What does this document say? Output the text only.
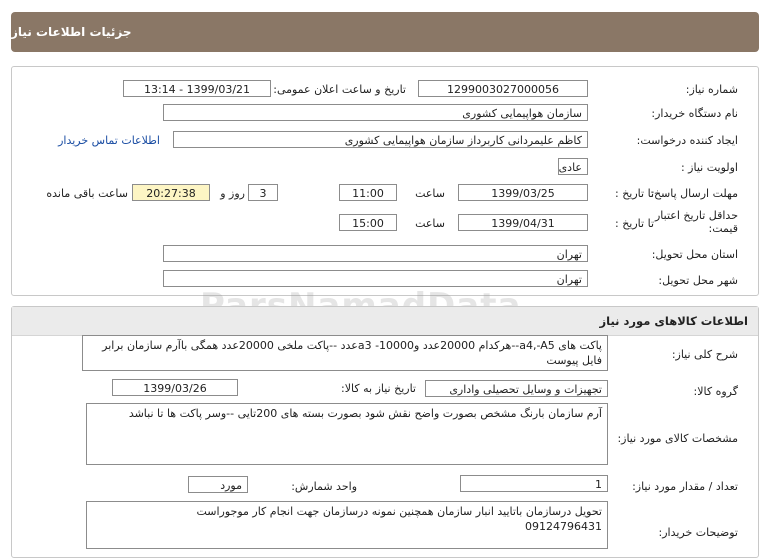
جزئیات اطلاعات نیاز
شماره نیاز:
1299003027000056
تاریخ و ساعت اعلان عمومی:
1399/03/21 - 13:14
نام دستگاه خریدار:
سازمان هواپیمایی کشوری
ایجاد کننده درخواست:
کاظم علیمردانی کاربرداز سازمان هواپیمایی کشوری
اطلاعات تماس خریدار
اولویت نیاز :
عادی
مهلت ارسال پاسخ:
تا تاریخ :
1399/03/25
ساعت
11:00
3
روز و
20:27:38
ساعت باقی مانده
حداقل تاریخ اعتبار
قیمت:
تا تاریخ :
1399/04/31
ساعت
15:00
استان محل تحویل:
تهران
شهر محل تحویل:
تهران
اطلاعات کالاهای مورد نیاز
شرح کلی نیاز:
پاکت های a4,-A5--هرکدام 20000عدد و10000- a3عدد --پاکت ملخی 20000عدد همگی باآرم سازمان برابر فایل پیوست
گروه کالا:
تجهیزات و وسایل تحصیلی واداری
تاریخ نیاز به کالا:
1399/03/26
مشخصات کالای مورد نیاز:
آرم سازمان بارنگ مشخص بصورت واضح نقش شود بصورت بسته های 200تایی --وسر پاکت ها تا نباشد
تعداد / مقدار مورد نیاز:
1
واحد شمارش:
مورد
توضیحات خریدار:
تحویل درسازمان باتایید انبار سازمان همچنین نمونه درسازمان جهت انجام کار موجوراست
09124796431
